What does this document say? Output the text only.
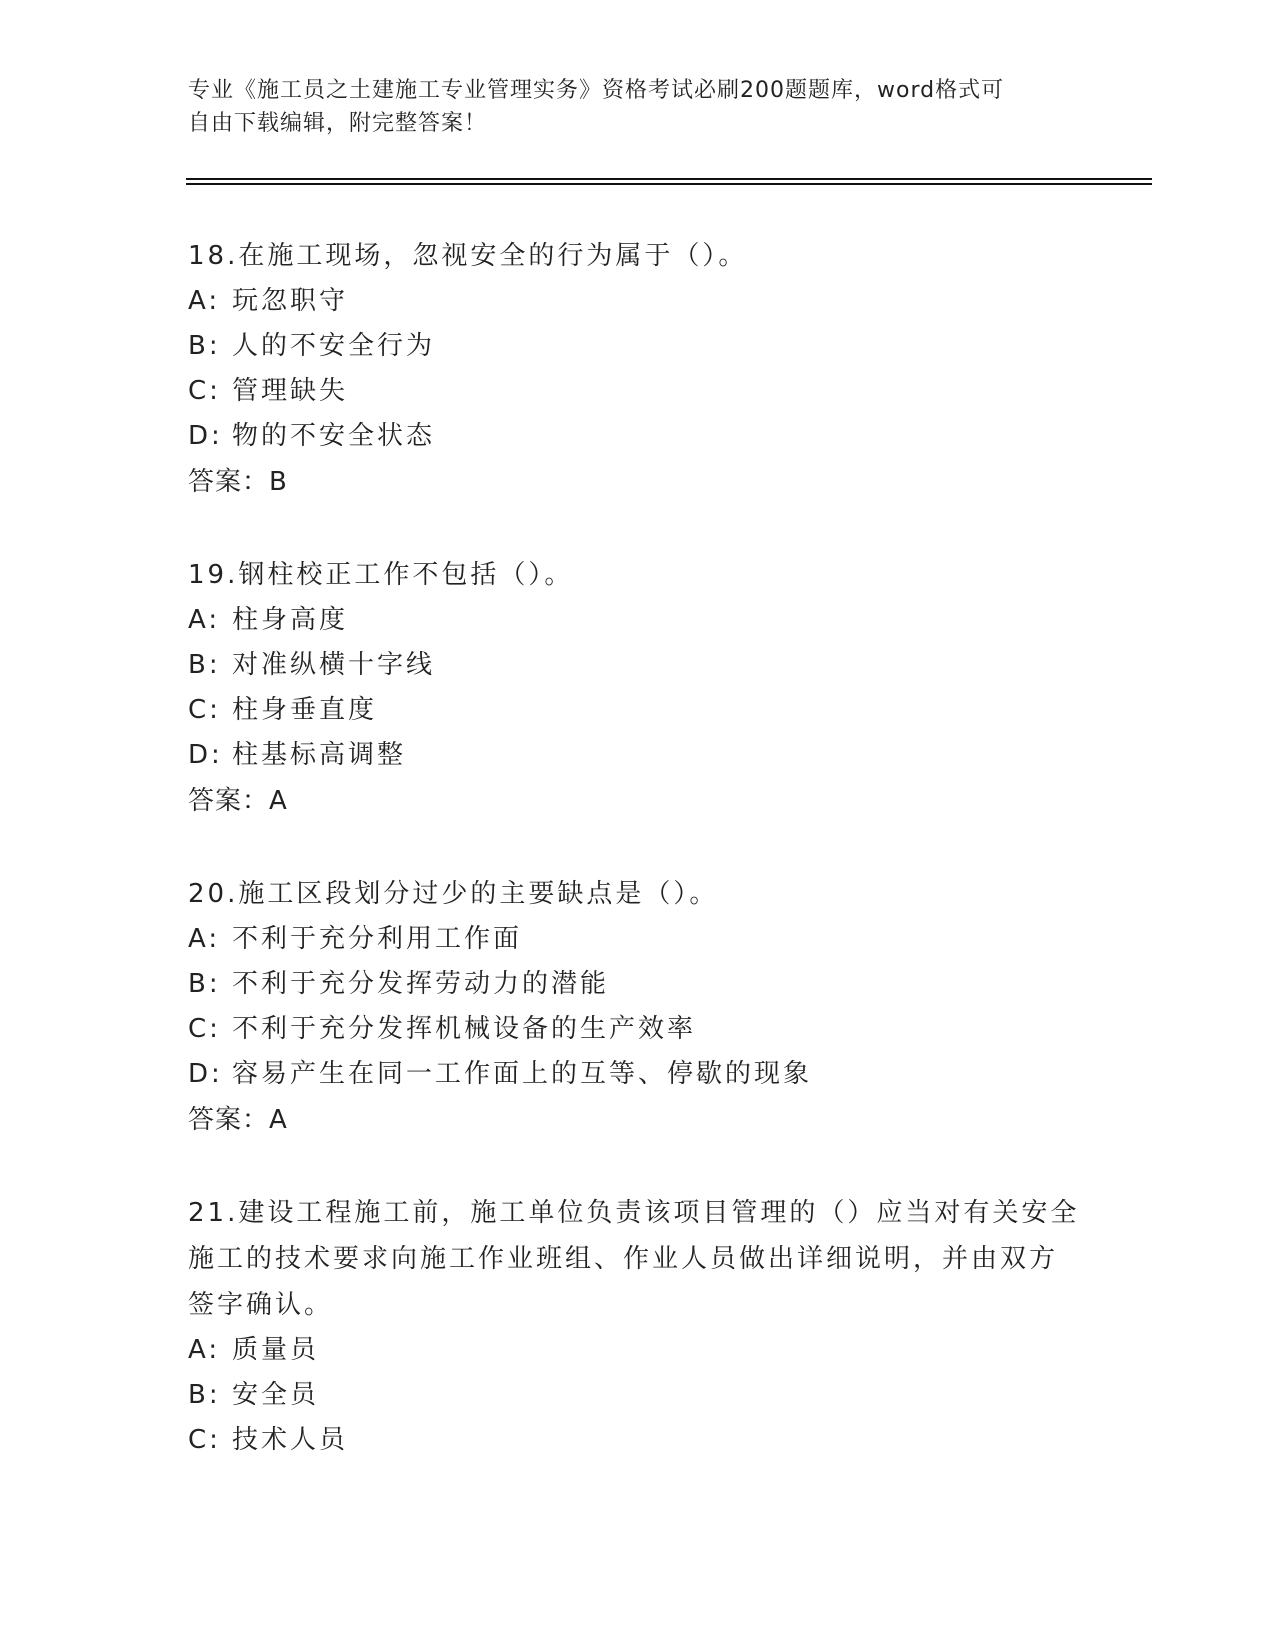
专业《施工员之土建施工专业管理实务》资格考试必刷200题题库，word格式可
自由下载编辑，附完整答案！
18.在施工现场，忽视安全的行为属于（）。
A: 玩忽职守
B: 人的不安全行为
C: 管理缺失
D: 物的不安全状态
答案：B
19.钢柱校正工作不包括（）。
A: 柱身高度
B: 对准纵横十字线
C: 柱身垂直度
D: 柱基标高调整
答案：A
20.施工区段划分过少的主要缺点是（）。
A: 不利于充分利用工作面
B: 不利于充分发挥劳动力的潜能
C: 不利于充分发挥机械设备的生产效率
D: 容易产生在同一工作面上的互等、停歇的现象
答案：A
21.建设工程施工前，施工单位负责该项目管理的（）应当对有关安全
施工的技术要求向施工作业班组、作业人员做出详细说明，并由双方
签字确认。
A: 质量员
B: 安全员
C: 技术人员
